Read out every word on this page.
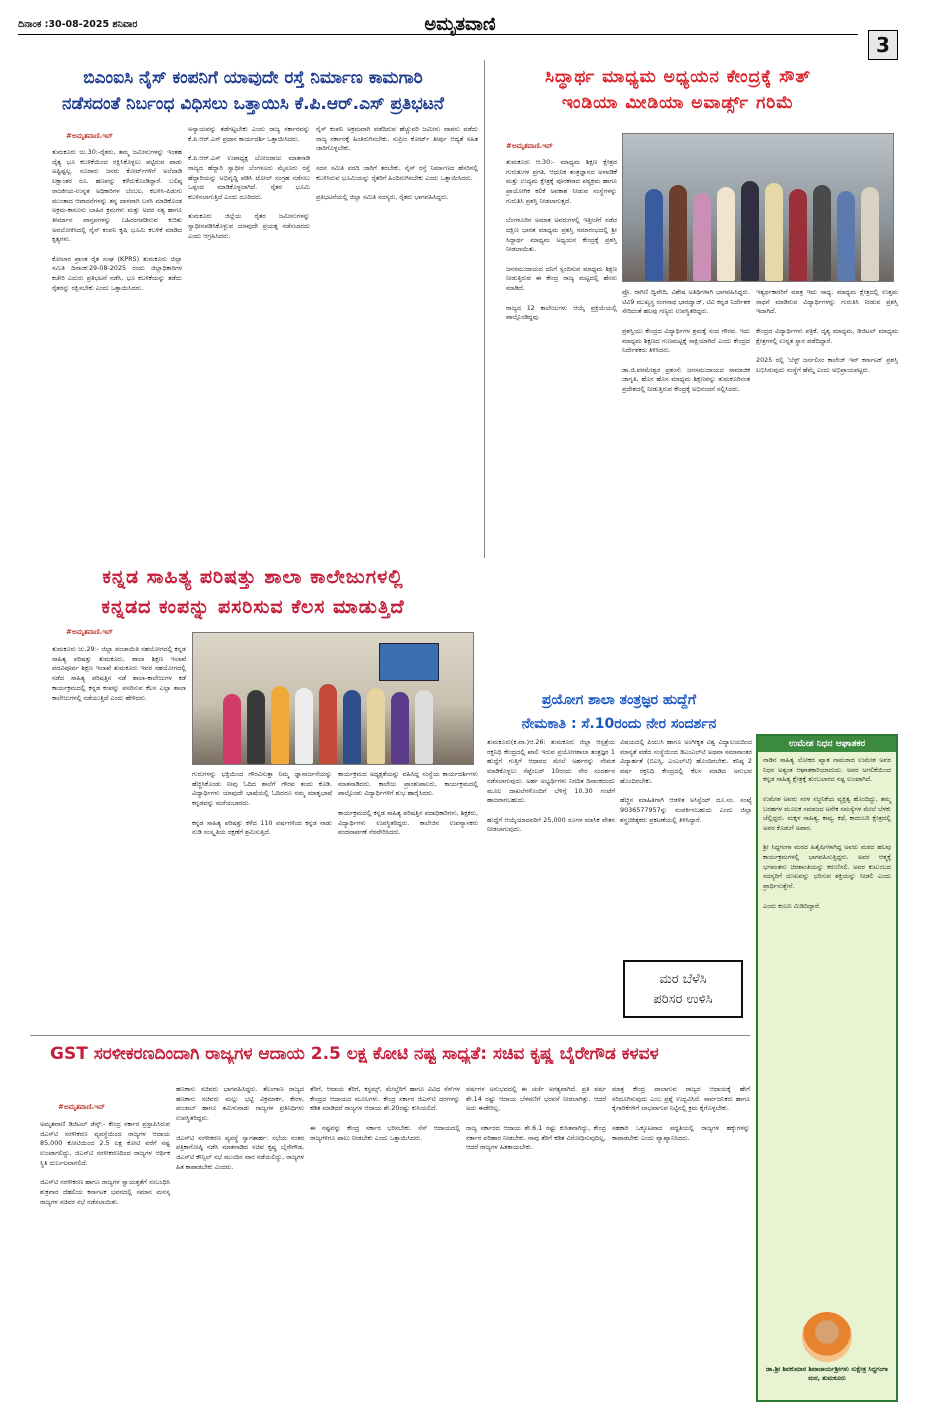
ದಿನಾಂಕ :30-08-2025 ಶನಿವಾರ	ಅಮೃತವಾಣಿ
3
ಬಿಎಂಐಸಿ ನೈಸ್ ಕಂಪನಿಗೆ ಯಾವುದೇ ರಸ್ತೆ ನಿರ್ಮಾಣ ಕಾಮಗಾರಿ
ನಡೆಸದಂತೆ ನಿರ್ಬಂಧ ವಿಧಿಸಲು ಒತ್ತಾಯಿಸಿ ಕೆ.ಪಿ.ಆರ್.ಎಸ್ ಪ್ರತಿಭಟನೆ
#ಅಮೃತವಾಣಿ.ಇನ್
ತುಮಕೂರು ಜು.30:-ರೈತರು, ತಮ್ಮ ಜಮೀನುಗಳನ್ನು ಇಂತಹ ದೈತ್ಯ ಭೂ ಕಬಳಿಕೆಯಿಂದ ರಕ್ಷಿಸಿಕೊಳ್ಳಲು ಪಟ್ಟಿರುವ ಪಾಡು ಅಷ್ಟಿಷ್ಟಲ್ಲ. ನೂರಾರು ಜನರು ಕೋರ್ಟ್‌ಗಳಿಗೆ ಅಲೆದಾಡಿ ಲಕ್ಷಾಂತರ ರೂ. ಹಣವನ್ನು ಕಳೆದುಕೊಂಡಿದ್ದಾರೆ. ಬಲಿಷ್ಠ ರಾಜಕೀಯ-ಉನ್ನತ ಅಧಿಕಾರಿಗಳ ಬೆಂಬಲ, ಕಬಳಿಸಿ-ಪಿಡುಗು ಮುಂತಾದ ಆಪಾದನೆಗಳನ್ನು ತನ್ನ ದಾಳವಾಗಿ ಬಳಸಿ ಮಾಡಿಕೊಂಡ ಅಕ್ರಮ-ಕಾನೂನು ಬಾಹಿರ ಕ್ರಮಗಳು ಮತ್ತು ಅದರ ಸತ್ಯ ಹಾಗೂ ತೀರ್ಮಾನ ವಾಸ್ತವಗಳನ್ನು ಬಹಿರಂಗಪಡಿಸುವ ಕುರಿತು ಅವಲೋಕಿಸಿದಲ್ಲಿ ನೈಸ್ ಕಂಪನಿ ಕೃಷಿ ಭೂಮಿ ಕಬಳಿಕೆ ಮಾಡಿದ ಕೃತ್ಯಗಳು.

ಕೋಲಾರ ಪ್ರಾಂತ ರೈತ ಸಂಘ (KPRS) ತುಮಕೂರು ಜಿಲ್ಲಾ ಸಮಿತಿ ದಿನಾಂಕ:29-08-2025 ರಂದು ಜಿಲ್ಲಾಧಿಕಾರಿಗಳ ಕಚೇರಿ ಎದುರು ಪ್ರತಿಭಟನೆ ನಡೆಸಿ, ಭೂ ಕಬಳಿಕೆಯನ್ನು ತಡೆದು ರೈತರನ್ನು ರಕ್ಷಿಸಬೇಕು ಎಂದು ಒತ್ತಾಯಿಸಿದರು.
ಅನ್ಯಾಯವನ್ನು ತಡೆಗಟ್ಟಬೇಕು ಎಂದು ರಾಜ್ಯ ಸರ್ಕಾರವನ್ನು ಕೆ.ಪಿ.ಆರ್.ಎಸ್ ಪ್ರಧಾನ ಕಾರ್ಯದರ್ಶಿ ಒತ್ತಾಯಿಸಿದರು.

ಕೆ.ಪಿ.ಆರ್.ಎಸ್ ಉಪಾಧ್ಯಕ್ಷ ಬೋಜರಾಜು ಮಾತನಾಡಿ ರಾಜ್ಯದ ಹೆದ್ದಾರಿ ಸ್ವಾಧೀನ ಬೆಂಗಳೂರು ಮೈಸೂರು ರಸ್ತೆ ಹೆದ್ದಾರಿಯನ್ನು ಅಭಿವೃದ್ಧಿ ಪಡಿಸಿ ಟೋಲ್ ಸಂಗ್ರಹ ನಡೆಸಲು ಒಪ್ಪಂದ ಮಾಡಿಕೊಳ್ಳಲಾಗಿದೆ. ರೈತರ ಭೂಮಿ ಕಬಳಿಸಲಾಗುತ್ತಿದೆ ಎಂದು ದೂರಿದರು.

ತುಮಕೂರು ಜಿಲ್ಲೆಯ ರೈತರ ಜಮೀನುಗಳನ್ನು ಸ್ವಾಧೀನಪಡಿಸಿಕೊಳ್ಳುವ ಯಾವುದೇ ಪ್ರಯತ್ನ ನಡೆಸಬಾರದು ಎಂದು ಆಗ್ರಹಿಸಿದರು.
ನೈಸ್ ಕಂಪನಿ ಅಕ್ರಮವಾಗಿ ಪಡೆದಿರುವ ಹೆಚ್ಚುವರಿ ಜಮೀನು ವಾಪಸು ಪಡೆದು ರಾಜ್ಯ ಸರ್ಕಾರಕ್ಕೆ ಹಿಂತಿರುಗಿಸಬೇಕು. ಸುಪ್ರೀಂ ಕೋರ್ಟ್ ತೀರ್ಪು ಆದ್ಯತೆ ಸಹಿತ ಜಾರಿಗೊಳ್ಳಬೇಕು.

ಸದನ ಸಮಿತಿ ವರದಿ ಜಾರಿಗೆ ತರಬೇಕು. ನೈಸ್ ರಸ್ತೆ ನಿರ್ಮಾಣದ ಹೆಸರಿನಲ್ಲಿ ಕಬಳಿಸಿರುವ ಭೂಮಿಯನ್ನು ರೈತರಿಗೆ ಹಿಂದಿರುಗಿಸಬೇಕು ಎಂದು ಒತ್ತಾಯಿಸಿದರು.

ಪ್ರತಿಭಟನೆಯಲ್ಲಿ ಜಿಲ್ಲಾ ಸಮಿತಿ ಸದಸ್ಯರು, ರೈತರು ಭಾಗವಹಿಸಿದ್ದರು.
ಸಿದ್ಧಾರ್ಥ ಮಾಧ್ಯಮ ಅಧ್ಯಯನ ಕೇಂದ್ರಕ್ಕೆ ಸೌತ್
ಇಂಡಿಯಾ ಮೀಡಿಯಾ ಅವಾರ್ಡ್ಸ್ ಗರಿಮೆ
#ಅಮೃತವಾಣಿ.ಇನ್
ತುಮಕೂರು ಆ.30:- ಮಾಧ್ಯಮ ಶಿಕ್ಷಣ ಕ್ಷೇತ್ರದ ಗುರುತುಗಳ ಪ್ರಗತಿ, ಆಧುನಿಕ ತಂತ್ರಜ್ಞಾನದ ಅಳವಡಿಕೆ ಮತ್ತು ಉದ್ಯಮ ಕ್ಷೇತ್ರಕ್ಕೆ ಪೂರಕವಾದ ಪಠ್ಯಕ್ರಮ ಹಾಗೂ ಪ್ರಾಯೋಗಿಕ ಕಲಿಕೆ ಅವಕಾಶ ನೀಡುವ ಸಂಸ್ಥೆಗಳನ್ನು ಗುರುತಿಸಿ ಪ್ರಶಸ್ತಿ ನೀಡಲಾಗುತ್ತದೆ.

ಬೆಂಗಳೂರಿನ ಅಮಾತ ಅವರುಗಳಲ್ಲಿ ಇತ್ತೀಚೆಗೆ ನಡೆದ ದಕ್ಷಿಣ ಭಾರತ ಮಾಧ್ಯಮ ಪ್ರಶಸ್ತಿ ಸಮಾರಂಭದಲ್ಲಿ ಶ್ರೀ ಸಿದ್ಧಾರ್ಥ ಮಾಧ್ಯಮ ಅಧ್ಯಯನ ಕೇಂದ್ರಕ್ಕೆ ಪ್ರಶಸ್ತಿ ನೀಡಲಾಯಿತು.

ಜನಸಮುದಾಯದ ದನಿಗೆ ಸ್ಪಂದಿಸುವ ಮಾಧ್ಯಮ ಶಿಕ್ಷಣ ನೀಡುತ್ತಿರುವ ಈ ಕೇಂದ್ರ ರಾಜ್ಯ ಮಟ್ಟದಲ್ಲಿ ಹೆಸರು ಮಾಡಿದೆ.

ರಾಜ್ಯದ 12 ಕಾಲೇಜುಗಳು ಆಯ್ಕೆ ಪ್ರಕ್ರಿಯೆಯಲ್ಲಿ ಪಾಲ್ಗೊಂಡಿದ್ದವು.
ಪ್ರೊ. ರಾಗಿಣಿ ದ್ವಿವೇದಿ, ವಿಶೇಷ ಅತಿಥಿಗಳಾಗಿ ಭಾಗವಹಿಸಿದ್ದರು. ಟಿವಿ9 ಮುಖ್ಯಸ್ಥ ರಂಗನಾಥ ಭಾರದ್ವಾಜ್, ಟಿವಿ ಕನ್ನಡ ನಿರ್ದೇಶಕ ಸೇರಿದಂತೆ ಹಲವು ಗಣ್ಯರು ಉಪಸ್ಥಿತರಿದ್ದರು.

ಪ್ರಶಸ್ತಿಯು ಕೇಂದ್ರದ ವಿದ್ಯಾರ್ಥಿಗಳ ಶ್ರಮಕ್ಕೆ ಸಂದ ಗೌರವ. ಇದು ಮಾಧ್ಯಮ ಶಿಕ್ಷಣದ ಗುಣಮಟ್ಟಕ್ಕೆ ಸಾಕ್ಷಿಯಾಗಿದೆ ಎಂದು ಕೇಂದ್ರದ ನಿರ್ದೇಶಕರು ತಿಳಿಸಿದರು.

ಡಾ.ಜಿ.ಪರಮೇಶ್ವರ ಪ್ರಶಂಸೆ: ಜನಸಮುದಾಯದ ಸಾಮಾಜಿಕ ಜಾಗೃತಿ, ಹೊಸ ಹೊಸ ಮಾಧ್ಯಮ ಶಿಕ್ಷಣವನ್ನು ತುಮಕೂರಿನಂತ ಪ್ರದೇಶದಲ್ಲಿ ನೀಡುತ್ತಿರುವ ಕೇಂದ್ರಕ್ಕೆ ಅಭಿನಂದನೆ ಸಲ್ಲಿಸಿದರು.
ಇತ್ಯರ್ಥಕಾರರಿಗೆ ಮಾತ್ರ ಇದು ಸಾಧ್ಯ. ಮಾಧ್ಯಮ ಕ್ಷೇತ್ರದಲ್ಲಿ ಉತ್ತಮ ಸಾಧನೆ ಮಾಡಿರುವ ವಿದ್ಯಾರ್ಥಿಗಳನ್ನು ಗುರುತಿಸಿ ನೀಡುವ ಪ್ರಶಸ್ತಿ ಇದಾಗಿದೆ.

ಕೇಂದ್ರದ ವಿದ್ಯಾರ್ಥಿಗಳು ಪತ್ರಿಕೆ, ದೃಶ್ಯ ಮಾಧ್ಯಮ, ಡಿಜಿಟಲ್ ಮಾಧ್ಯಮ ಕ್ಷೇತ್ರಗಳಲ್ಲಿ ಉನ್ನತ ಸ್ಥಾನ ಪಡೆದಿದ್ದಾರೆ.

2025 ರಲ್ಲಿ 'ಬೆಸ್ಟ್ ಜರ್ನಲಿಸಂ ಕಾಲೇಜ್ ಇನ್ ಕರ್ನಾಟಕ' ಪ್ರಶಸ್ತಿ ಲಭಿಸಿರುವುದು ಸಂಸ್ಥೆಗೆ ಹೆಮ್ಮೆ ಎಂದು ಅಭಿಪ್ರಾಯಪಟ್ಟರು.
ಕನ್ನಡ ಸಾಹಿತ್ಯ ಪರಿಷತ್ತು ಶಾಲಾ ಕಾಲೇಜುಗಳಲ್ಲಿ
ಕನ್ನಡದ ಕಂಪನ್ನು ಪಸರಿಸುವ ಕೆಲಸ ಮಾಡುತ್ತಿದೆ
#ಅಮೃತವಾಣಿ.ಇನ್
ತುಮಕೂರು ಜು.29:- ಜಿಲ್ಲಾ ಪಂಚಾಯಿತಿ ಸಹಯೋಗದಲ್ಲಿ ಕನ್ನಡ ಸಾಹಿತ್ಯ ಪರಿಷತ್ತು ತುಮಕೂರು, ಶಾಲಾ ಶಿಕ್ಷಣ ಇಲಾಖೆ ಪದವಿಪೂರ್ವ ಶಿಕ್ಷಣ ಇಲಾಖೆ ತುಮಕೂರು ಇವರ ಸಹಯೋಗದಲ್ಲಿ ನಡೆದ ಸಾಹಿತ್ಯ ಪರಿಷತ್ತಿನ ನಡೆ ಶಾಲಾ-ಕಾಲೇಜುಗಳ ಕಡೆ ಕಾರ್ಯಕ್ರಮದಲ್ಲಿ ಕನ್ನಡ ಕಂಪನ್ನು ಪಸರಿಸುವ ಕೆಲಸ ಎಲ್ಲಾ ಶಾಲಾ ಕಾಲೇಜುಗಳಲ್ಲಿ ನಡೆಯುತ್ತಿದೆ ಎಂದು ಹೇಳಿದರು.
ಗುರುಗಳನ್ನು ಭಕ್ತಿಯಿಂದ ಗೌರವಿಸುತ್ತಾ ನಿಮ್ಮ ಜ್ಞಾನಾರ್ಜನೆಯನ್ನು ಹೆಚ್ಚಿಸಿಕೊಂಡು ನೀವು ಓದಿದ ಶಾಲೆಗೆ ಗೌರವ ತಂದು ಕೊಡಿ. ವಿದ್ಯಾರ್ಥಿಗಳು ಯಾವುದೇ ಭಾಷೆಯಲ್ಲಿ ಓದಿದರೂ ನಮ್ಮ ಮಾತೃಭಾಷೆ ಕನ್ನಡವನ್ನು ಮರೆಯಬಾರದು.

ಕನ್ನಡ ಸಾಹಿತ್ಯ ಪರಿಷತ್ತು ಕಳೆದ 110 ವರ್ಷಗಳಿಂದ ಕನ್ನಡ ನಾಡು ನುಡಿ ಸಂಸ್ಕೃತಿಯ ರಕ್ಷಣೆಗೆ ಶ್ರಮಿಸುತ್ತಿದೆ.
ಕಾರ್ಯಕ್ರಮದ ಅಧ್ಯಕ್ಷತೆಯನ್ನು ವಹಿಸಿದ್ದ ಸಂಸ್ಥೆಯ ಕಾರ್ಯದರ್ಶಿಗಳು ಮಾತನಾಡಿದರು. ಕಾಲೇಜು ಪ್ರಾಂಶುಪಾಲರು, ಕಾರ್ಯಕ್ರಮದಲ್ಲಿ ಪಾಲ್ಗೊಂಡು ವಿದ್ಯಾರ್ಥಿಗಳಿಗೆ ಶುಭ ಹಾರೈಸಿದರು.

ಕಾರ್ಯಕ್ರಮದಲ್ಲಿ ಕನ್ನಡ ಸಾಹಿತ್ಯ ಪರಿಷತ್ತಿನ ಪದಾಧಿಕಾರಿಗಳು, ಶಿಕ್ಷಕರು, ವಿದ್ಯಾರ್ಥಿಗಳು ಉಪಸ್ಥಿತರಿದ್ದರು. ಕಾಲೇಜಿನ ಉಪನ್ಯಾಸಕರು ವಂದನಾರ್ಪಣೆ ನೆರವೇರಿಸಿದರು.
ಪ್ರಯೋಗ ಶಾಲಾ ತಂತ್ರಜ್ಞರ ಹುದ್ದೆಗೆ
ನೇಮಕಾತಿ : ಸೆ.10ರಂದು ನೇರ ಸಂದರ್ಶನ
ತುಮಕೂರು(ಕ.ವಾ.)ಆ.26: ತುಮಕೂರು ಜಿಲ್ಲಾ ಆಸ್ಪತ್ರೆಯ ರಕ್ತನಿಧಿ ಕೇಂದ್ರದಲ್ಲಿ ಖಾಲಿ ಇರುವ ಪ್ರಯೋಗಶಾಲಾ ತಂತ್ರಜ್ಞರ 1 ಹುದ್ದೆಗೆ ಗುತ್ತಿಗೆ ಆಧಾರದ ಮೇಲೆ ಅರ್ಹರನ್ನು ನೇಮಕ ಮಾಡಿಕೊಳ್ಳಲು ಸೆಪ್ಟೆಂಬರ್ 10ರಂದು ನೇರ ಸಂದರ್ಶನ ನಡೆಸಲಾಗುವುದು. ಅರ್ಹ ಅಭ್ಯರ್ಥಿಗಳು ನಿಗದಿತ ದಿನಾಂಕದಂದು ಮೂಲ ದಾಖಲೆಗಳೊಂದಿಗೆ ಬೆಳಿಗ್ಗೆ 10.30 ಗಂಟೆಗೆ ಹಾಜರಾಗಬಹುದು.

ಹುದ್ದೆಗೆ ಆಯ್ಕೆಯಾದವರಿಗೆ 25,000 ರೂಗಳ ಮಾಸಿಕ ವೇತನ ನೀಡಲಾಗುವುದು.
ವಿಷಯದಲ್ಲಿ ಪಿಯುಸಿ ಹಾಗೂ ಅಂಗೀಕೃತ ವಿಶ್ವ ವಿದ್ಯಾಲಯದಿಂದ ಮಾನ್ಯತೆ ಪಡೆದ ಸಂಸ್ಥೆಯಿಂದ ಡಿಎಂಎಲ್‌ಟಿ ಅಥವಾ ಸಮಾನಾಂತರ ವಿದ್ಯಾರ್ಹತೆ (ಬಿಎಸ್ಸಿ, ಎಂಎಲ್‌ಟಿ) ಹೊಂದಿರಬೇಕು. ಕನಿಷ್ಠ 2 ವರ್ಷ ರಕ್ತನಿಧಿ ಕೇಂದ್ರದಲ್ಲಿ ಕೆಲಸ ಮಾಡಿದ ಅನುಭವ ಹೊಂದಿರಬೇಕು.

ಹೆಚ್ಚಿನ ಮಾಹಿತಿಗಾಗಿ ಆಡಳಿತ ಅಸಿಸ್ಟೆಂಟ್ ದೂ.ಸಂ. ಸಂಖ್ಯೆ 9036577957ನ್ನು ಸಂಪರ್ಕಿಸಬಹುದು ಎಂದು ಜಿಲ್ಲಾ ಶಸ್ತ್ರಚಿಕಿತ್ಸಕರು ಪ್ರಕಟಣೆಯಲ್ಲಿ ತಿಳಿಸಿದ್ದಾರೆ.
ಮರ ಬೆಳೆಸಿ
ಪರಿಸರ ಉಳಿಸಿ
ಉಮೇಶ ನಿಧನ ಆಘಾತಕರ
ನಾಡಿನ ಸಾಹಿತ್ಯ ಲೋಕದ ಖ್ಯಾತ ನಾಮರಾದ ಉಮೇಶ ಅವರ ನಿಧನ ಅತ್ಯಂತ ಆಘಾತಕಾರಿಯಾದುದು. ಅವರ ಅಗಲಿಕೆಯಿಂದ ಕನ್ನಡ ಸಾಹಿತ್ಯ ಕ್ಷೇತ್ರಕ್ಕೆ ತುಂಬಲಾರದ ನಷ್ಟ ಉಂಟಾಗಿದೆ.

ಉಮೇಶ ಅವರು ಸರಳ ಸಜ್ಜನಿಕೆಯ ವ್ಯಕ್ತಿತ್ವ ಹೊಂದಿದ್ದು, ತಮ್ಮ ಬರಹಗಳ ಮೂಲಕ ಸಮಾಜದ ಅನೇಕ ಸಮಸ್ಯೆಗಳ ಮೇಲೆ ಬೆಳಕು ಚೆಲ್ಲಿದ್ದರು. ಮಕ್ಕಳ ಸಾಹಿತ್ಯ, ಕಾವ್ಯ, ಕಥೆ, ಕಾದಂಬರಿ ಕ್ಷೇತ್ರದಲ್ಲಿ ಅವರ ಕೊಡುಗೆ ಅಪಾರ.

ಶ್ರೀ ಸಿದ್ಧಗಂಗಾ ಮಠದ ಹಿತೈಷಿಗಳಾಗಿದ್ದ ಅವರು ಮಠದ ಹಲವು ಕಾರ್ಯಕ್ರಮಗಳಲ್ಲಿ ಭಾಗವಹಿಸುತ್ತಿದ್ದರು. ಅವರ ಆತ್ಮಕ್ಕೆ ಭಗವಂತನು ಚಿರಶಾಂತಿಯನ್ನು ಕರುಣಿಸಲಿ. ಅವರ ಕುಟುಂಬದ ಸದಸ್ಯರಿಗೆ ದುಃಖವನ್ನು ಭರಿಸುವ ಶಕ್ತಿಯನ್ನು ನೀಡಲಿ ಎಂದು ಪ್ರಾರ್ಥಿಸುತ್ತೇನೆ.

ಎಂದು ಕಂಬನಿ ಮಿಡಿದಿದ್ದಾರೆ.
ಡಾ.ಶ್ರೀ ಶಿವಕುಮಾರ ಶಿವಾಚಾರ್ಯಶ್ರೀಗಳು ಸುಕ್ಷೇತ್ರ ಸಿದ್ಧಗಂಗಾ ಮಠ, ತುಮಕೂರು
GST ಸರಳೀಕರಣದಿಂದಾಗಿ ರಾಜ್ಯಗಳ ಆದಾಯ 2.5 ಲಕ್ಷ ಕೋಟಿ ನಷ್ಟ ಸಾಧ್ಯತೆ: ಸಚಿವ ಕೃಷ್ಣ ಬೈರೇಗೌಡ ಕಳವಳ
#ಅಮೃತವಾಣಿ.ಇನ್
ಅಮೃತವಾಣಿ ಡಿಜಿಟಲ್ ಡೆಸ್ಕ್:- ಕೇಂದ್ರ ಸರ್ಕಾರ ಪ್ರಸ್ತಾಪಿಸಿರುವ ಜಿಎಸ್‌ಟಿ ಸರಳೀಕರಣ ವ್ಯವಸ್ಥೆಯಿಂದ ರಾಜ್ಯಗಳ ಆದಾಯ 85,000 ಕೋಟಿಯಿಂದ 2.5 ಲಕ್ಷ ಕೋಟಿ ವರೆಗೆ ನಷ್ಟ ಉಂಟಾಗಲಿದ್ದು, ಜಿಎಸ್‌ಟಿ ಸರಳೀಕರಣದಿಂದ ರಾಜ್ಯಗಳ ಆರ್ಥಿಕ ಸ್ಥಿತಿ ದುರ್ಬಲವಾಗಲಿದೆ.

ಜಿಎಸ್‌ಟಿ ಸರಳೀಕರಣ ಹಾಗೂ ರಾಜ್ಯಗಳ ಸ್ವಾಯತ್ತತೆಗೆ ಸಂಬಂಧಿಸಿ ಶುಕ್ರವಾರ ದೆಹಲಿಯ ಕರ್ನಾಟಕ ಭವನದಲ್ಲಿ ಸಮಾನ ಮನಸ್ಕ ರಾಜ್ಯಗಳ ಸಚಿವರ ಸಭೆ ನಡೆಸಲಾಯಿತು.
ಹಣಕಾಸು ಸಚಿವರು ಭಾಗವಹಿಸಿದ್ದರು. ತೆಲಂಗಾಣ ರಾಜ್ಯದ ಹಣಕಾಸು ಸಚಿವರು ಮಲ್ಲು ಭಟ್ಟಿ ವಿಕ್ರಮಾರ್ಕ, ಕೇರಳ, ಪಂಜಾಬ್ ಹಾಗೂ ತಮಿಳುನಾಡು ರಾಜ್ಯಗಳ ಪ್ರತಿನಿಧಿಗಳು ಉಪಸ್ಥಿತರಿದ್ದರು.

ಜಿಎಸ್‌ಟಿ ಸರಳೀಕರಣ ವ್ಯವಸ್ಥೆ ಸ್ವಾಗತಾರ್ಹ: ಸಭೆಯ ನಂತರ ಪತ್ರಿಕಾಗೋಷ್ಠಿ ನಡೆಸಿ ಮಾತನಾಡಿದ ಸಚಿವ ಕೃಷ್ಣ ಬೈರೇಗೌಡ, ಜಿಎಸ್‌ಟಿ ಕೌನ್ಸಿಲ್ ಸಭೆ ಮುಂದಿನ ವಾರ ನಡೆಯಲಿದ್ದು, ರಾಜ್ಯಗಳ ಹಿತ ಕಾಪಾಡಬೇಕು ಎಂದರು.
ತೆರಿಗೆ, ಆದಾಯ ತೆರಿಗೆ, ಕಸ್ಟಮ್ಸ್, ಮೇಲ್ತೆರಿಗೆ ಹಾಗೂ ವಿವಿಧ ಸೆಸ್‌ಗಳ ಕೇಂದ್ರದ ಆದಾಯದ ಮೂಲಗಳು. ಕೇಂದ್ರ ಸರ್ಕಾರ ಜಿಎಸ್‌ಟಿ ದರಗಳನ್ನು ಕಡಿತ ಮಾಡಿದರೆ ರಾಜ್ಯಗಳ ಆದಾಯ ಶೇ.20ರಷ್ಟು ಕುಸಿಯಲಿದೆ.

ಈ ನಷ್ಟವನ್ನು ಕೇಂದ್ರ ಸರ್ಕಾರ ಭರಿಸಬೇಕು. ಸೆಸ್ ಆದಾಯದಲ್ಲಿ ರಾಜ್ಯಗಳಿಗೂ ಪಾಲು ನೀಡಬೇಕು ಎಂದು ಒತ್ತಾಯಿಸಿದರು.
ವರ್ಷಗಳ ಅನುಭವದಲ್ಲಿ ಈ ಚರ್ಚೆ ಅಗತ್ಯವಾಗಿದೆ. ಪ್ರತಿ ವರ್ಷ ಶೇ.14 ರಷ್ಟು ಆದಾಯ ಬೆಳವಣಿಗೆ ಭರವಸೆ ನೀಡಲಾಗಿತ್ತು. ಆದರೆ ಅದು ಈಡೇರಿಲ್ಲ.

ರಾಜ್ಯ ಸರ್ಕಾರದ ಆದಾಯ ಶೇ.6.1 ರಷ್ಟು ಕುಸಿತವಾಗಿದ್ದು, ಕೇಂದ್ರ ಸರ್ಕಾರ ಪರಿಹಾರ ನೀಡಬೇಕು. ನಾವು ತೆರಿಗೆ ಕಡಿತ ವಿರೋಧಿಸುವುದಿಲ್ಲ, ಆದರೆ ರಾಜ್ಯಗಳ ಹಿತಕಾಯಬೇಕು.
ಮಾತ್ರ ಕೇಂದ್ರ ಪಾಲಾಗುವ ರಾಜ್ಯದ ಆದಾಯಕ್ಕೆ ಹೇಗೆ ಸರಿದೂಗಿಸುವುದು ಎಂಬ ಪ್ರಶ್ನೆ ಉದ್ಭವಿಸಿದೆ. ಸಾರ್ವಜನಿಕರು ಹಾಗೂ ಕೈಗಾರಿಕೆಗಳಿಗೆ ಲಾಭವಾಗುವ ನಿಟ್ಟಿನಲ್ಲಿ ಕ್ರಮ ಕೈಗೊಳ್ಳಬೇಕು.

ಸಹಕಾರಿ ಒಕ್ಕೂಟವಾದ ಪದ್ಧತಿಯಲ್ಲಿ ರಾಜ್ಯಗಳ ಹಕ್ಕುಗಳನ್ನು ಕಾಪಾಡಬೇಕು ಎಂದು ವ್ಯಾಖ್ಯಾನಿಸಿದರು.
